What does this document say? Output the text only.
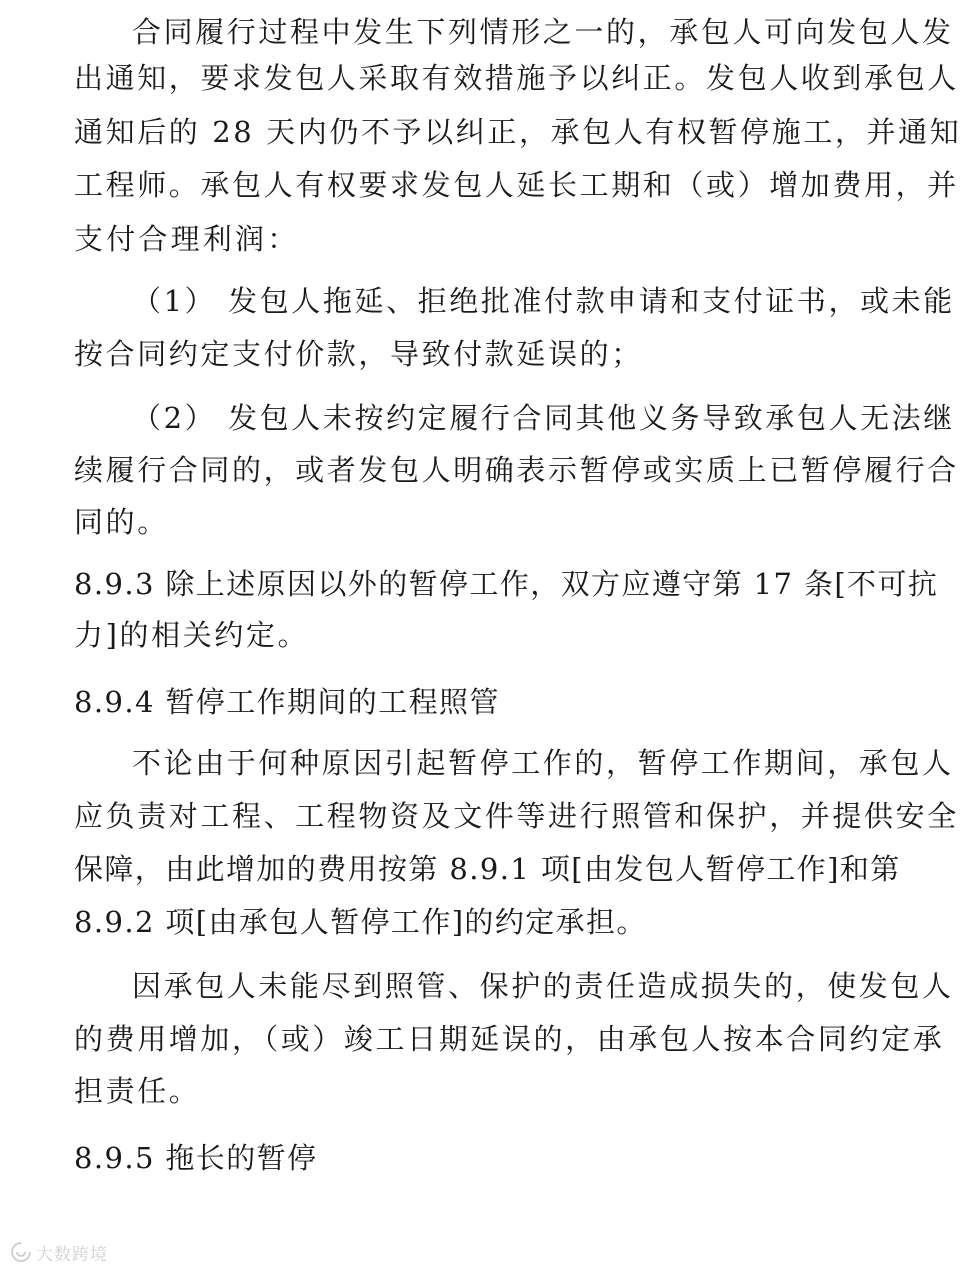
合同履行过程中发生下列情形之一的，承包人可向发包人发
出通知，要求发包人采取有效措施予以纠正。发包人收到承包人
通知后的 28 天内仍不予以纠正，承包人有权暂停施工，并通知
工程师。承包人有权要求发包人延长工期和（或）增加费用，并
支付合理利润：
（1） 发包人拖延、拒绝批准付款申请和支付证书，或未能
按合同约定支付价款，导致付款延误的；
（2） 发包人未按约定履行合同其他义务导致承包人无法继
续履行合同的，或者发包人明确表示暂停或实质上已暂停履行合
同的。
8.9.3 除上述原因以外的暂停工作，双方应遵守第 17 条[不可抗
力]的相关约定。
8.9.4 暂停工作期间的工程照管
不论由于何种原因引起暂停工作的，暂停工作期间，承包人
应负责对工程、工程物资及文件等进行照管和保护，并提供安全
保障，由此增加的费用按第 8.9.1 项[由发包人暂停工作]和第
8.9.2 项[由承包人暂停工作]的约定承担。
因承包人未能尽到照管、保护的责任造成损失的，使发包人
的费用增加，（或）竣工日期延误的，由承包人按本合同约定承
担责任。
8.9.5 拖长的暂停
大数跨境
